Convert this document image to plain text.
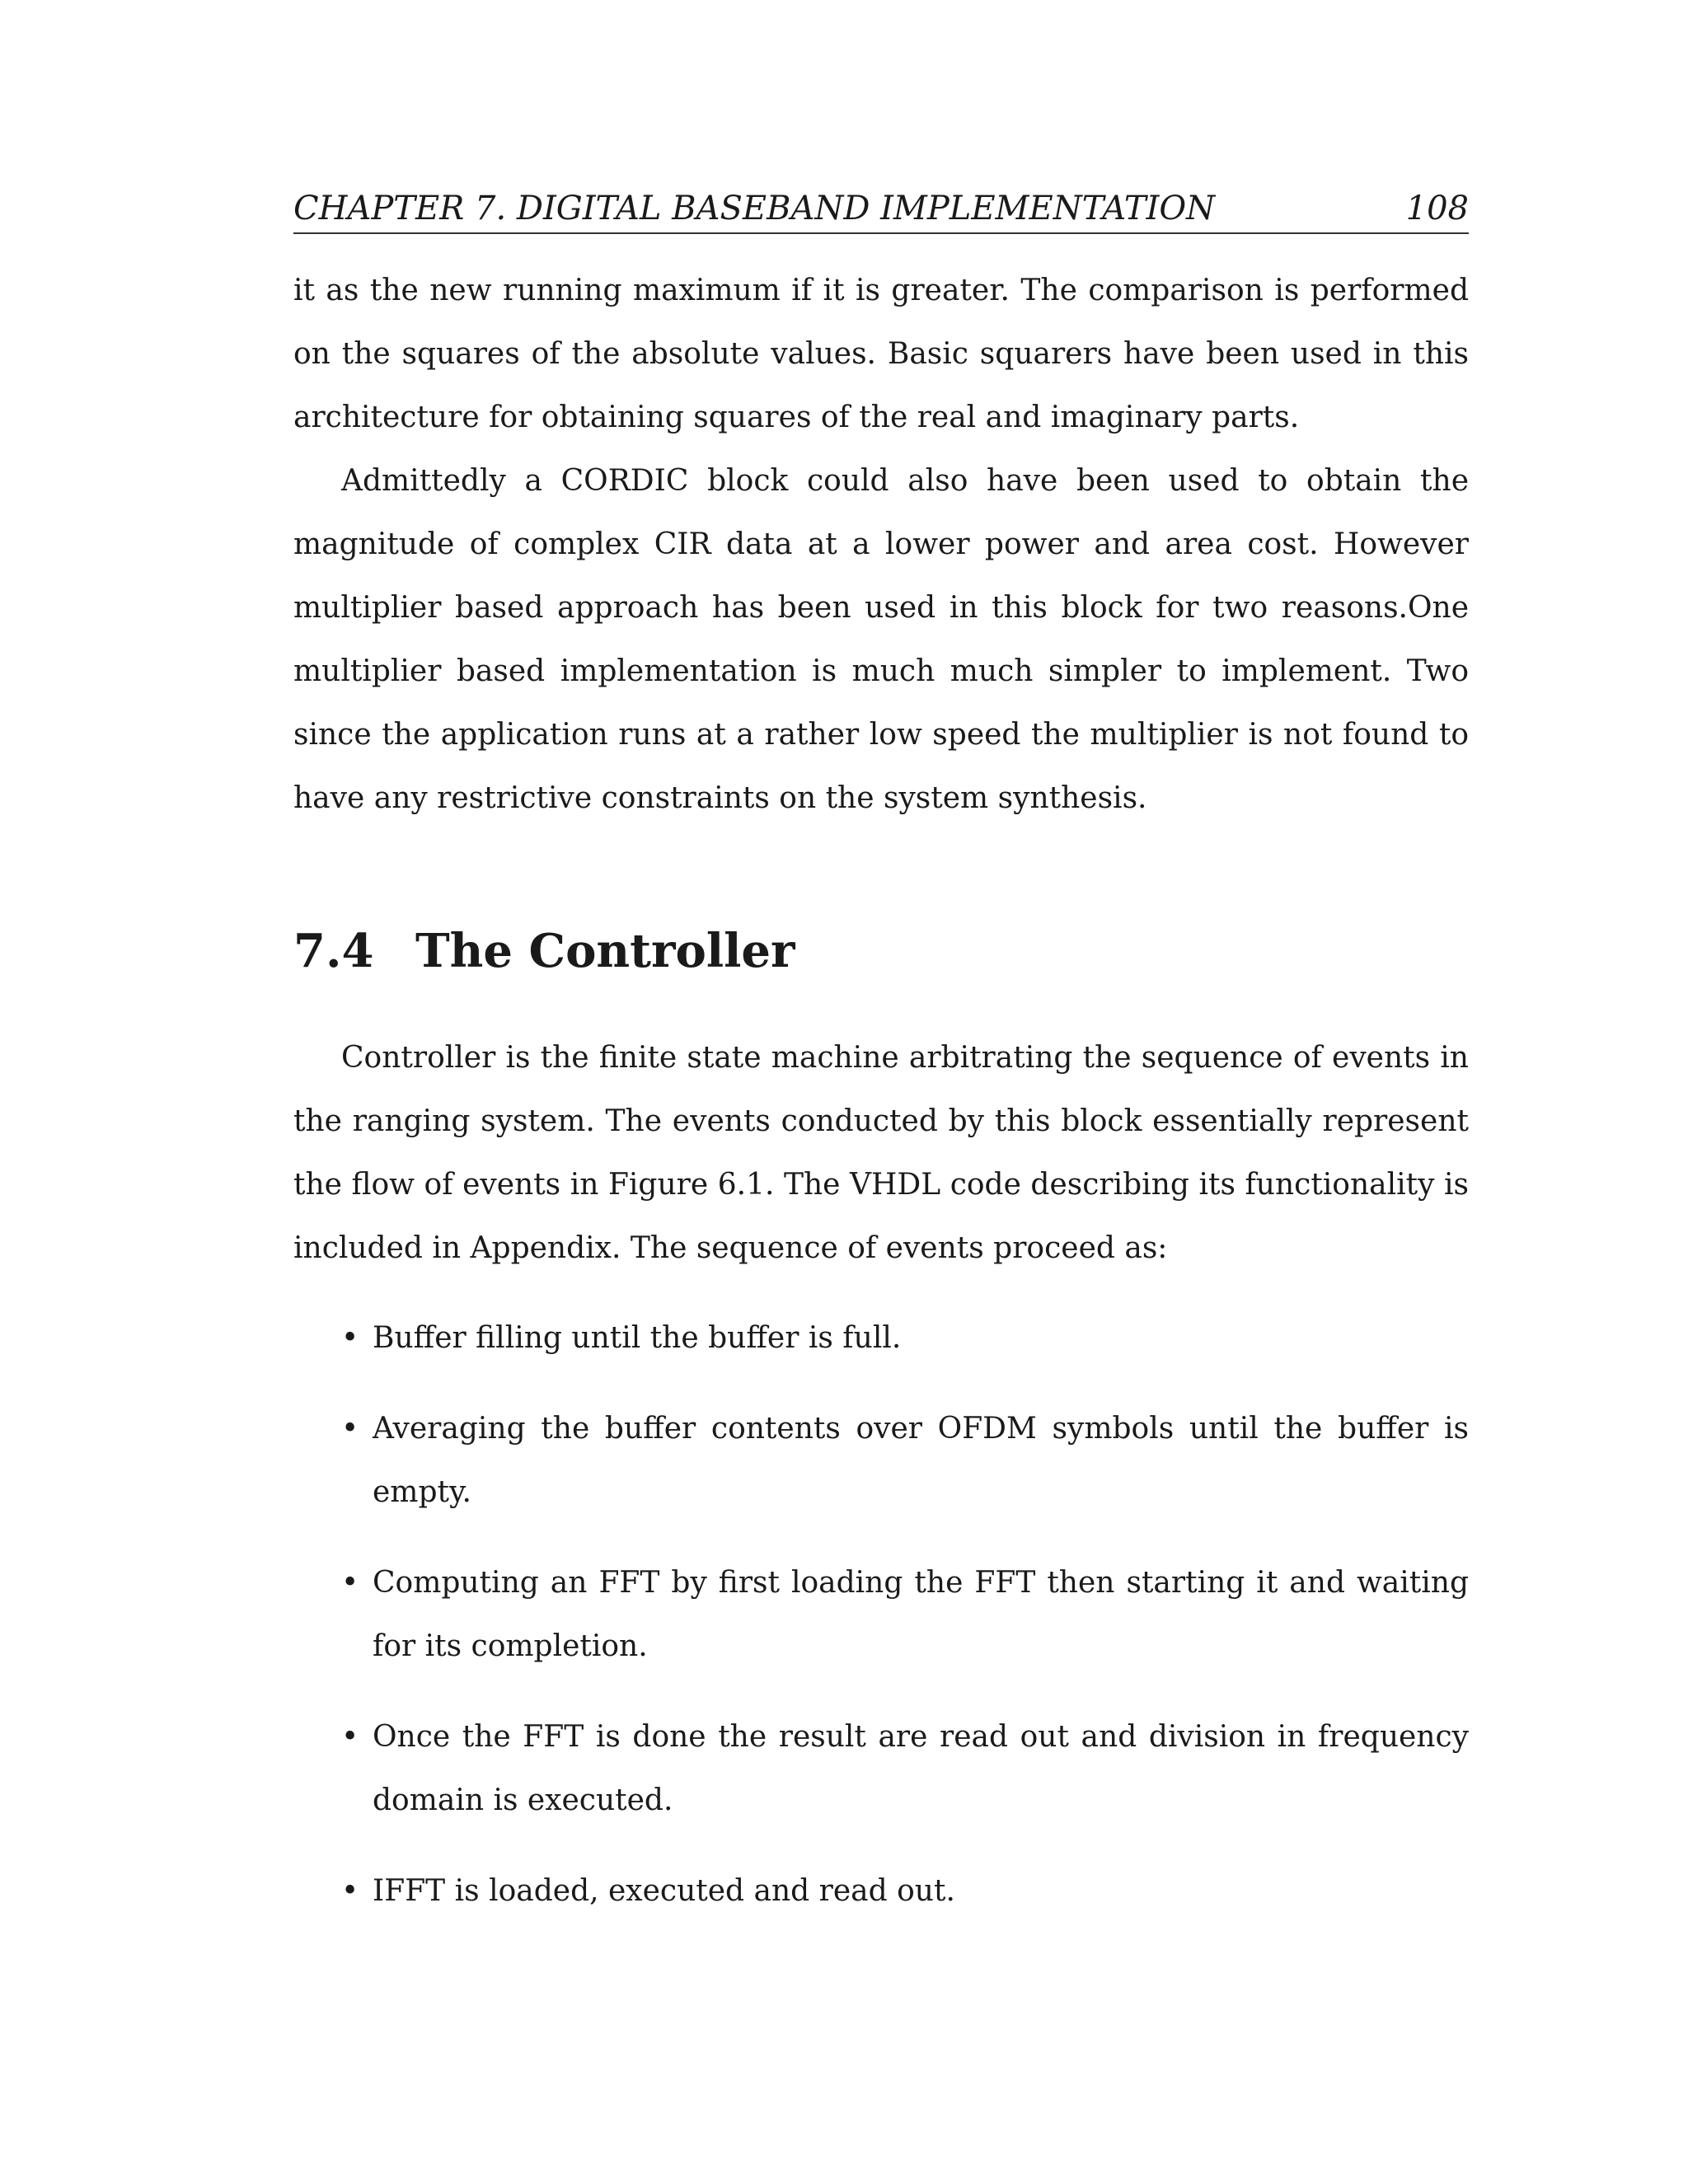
CHAPTER 7. DIGITAL BASEBAND IMPLEMENTATION	108

it as the new running maximum if it is greater. The comparison is performed on the squares of the absolute values. Basic squarers have been used in this architecture for obtaining squares of the real and imaginary parts.

Admittedly a CORDIC block could also have been used to obtain the magnitude of complex CIR data at a lower power and area cost. However multiplier based approach has been used in this block for two reasons.One multiplier based implementation is much much simpler to implement. Two since the application runs at a rather low speed the multiplier is not found to have any restrictive constraints on the system synthesis.

7.4 The Controller

Controller is the finite state machine arbitrating the sequence of events in the ranging system. The events conducted by this block essentially represent the flow of events in Figure 6.1. The VHDL code describing its functionality is included in Appendix. The sequence of events proceed as:

• Buffer filling until the buffer is full.
• Averaging the buffer contents over OFDM symbols until the buffer is empty.
• Computing an FFT by first loading the FFT then starting it and waiting for its completion.
• Once the FFT is done the result are read out and division in frequency domain is executed.
• IFFT is loaded, executed and read out.
